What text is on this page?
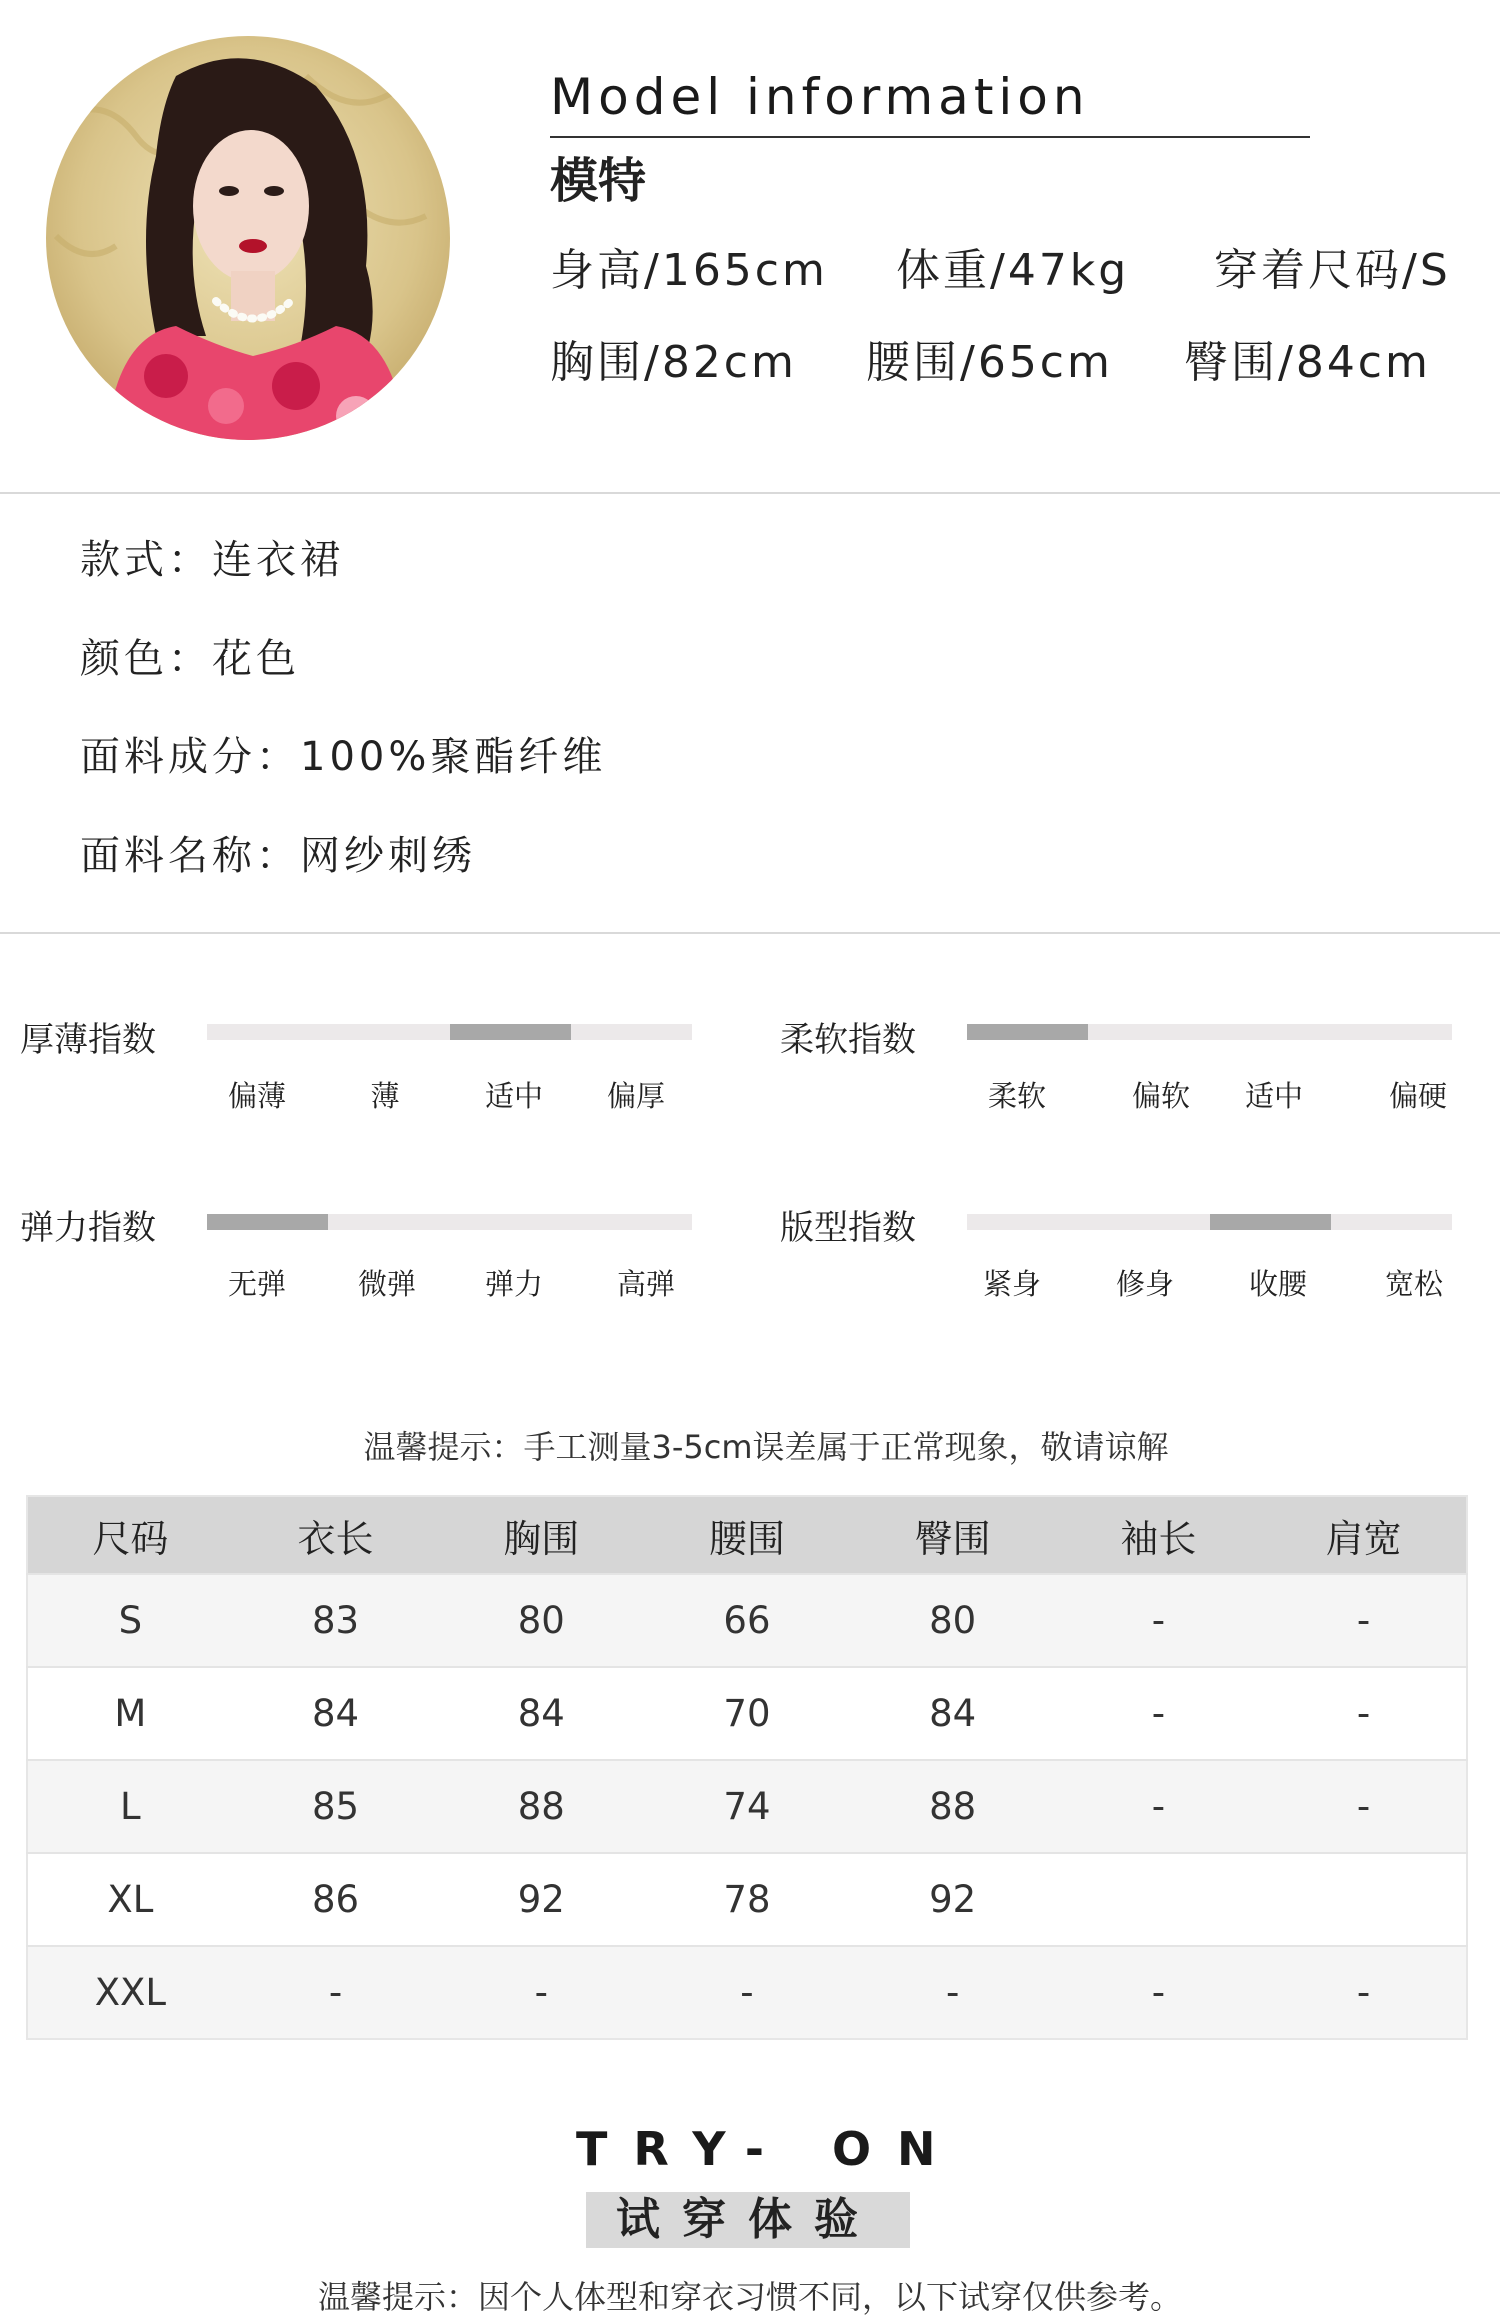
Model information
模特
身高/165cm 体重/47kg 穿着尺码/S
胸围/82cm 腰围/65cm 臀围/84cm
款式：连衣裙
颜色：花色
面料成分：100%聚酯纤维
面料名称：网纱刺绣
厚薄指数
偏薄	薄	适中 偏厚
柔软指数
柔软	偏软 适中	偏硬
弹力指数
无弹 微弹 弹力	高弹
版型指数
紧身	修身	收腰	宽松
温馨提示：手工测量3-5cm误差属于正常现象，敬请谅解
尺码	衣长	胸围	腰围	臀围	袖长	肩宽
S	83	80	66	80	-	-
M	84	84	70	84	-	-
L	85	88	74	88	-	-
XL	86	92	78	92		
XXL	-	-	-	-	-	-
TRY- ON
试穿体验
温馨提示：因个人体型和穿衣习惯不同，以下试穿仅供参考。
